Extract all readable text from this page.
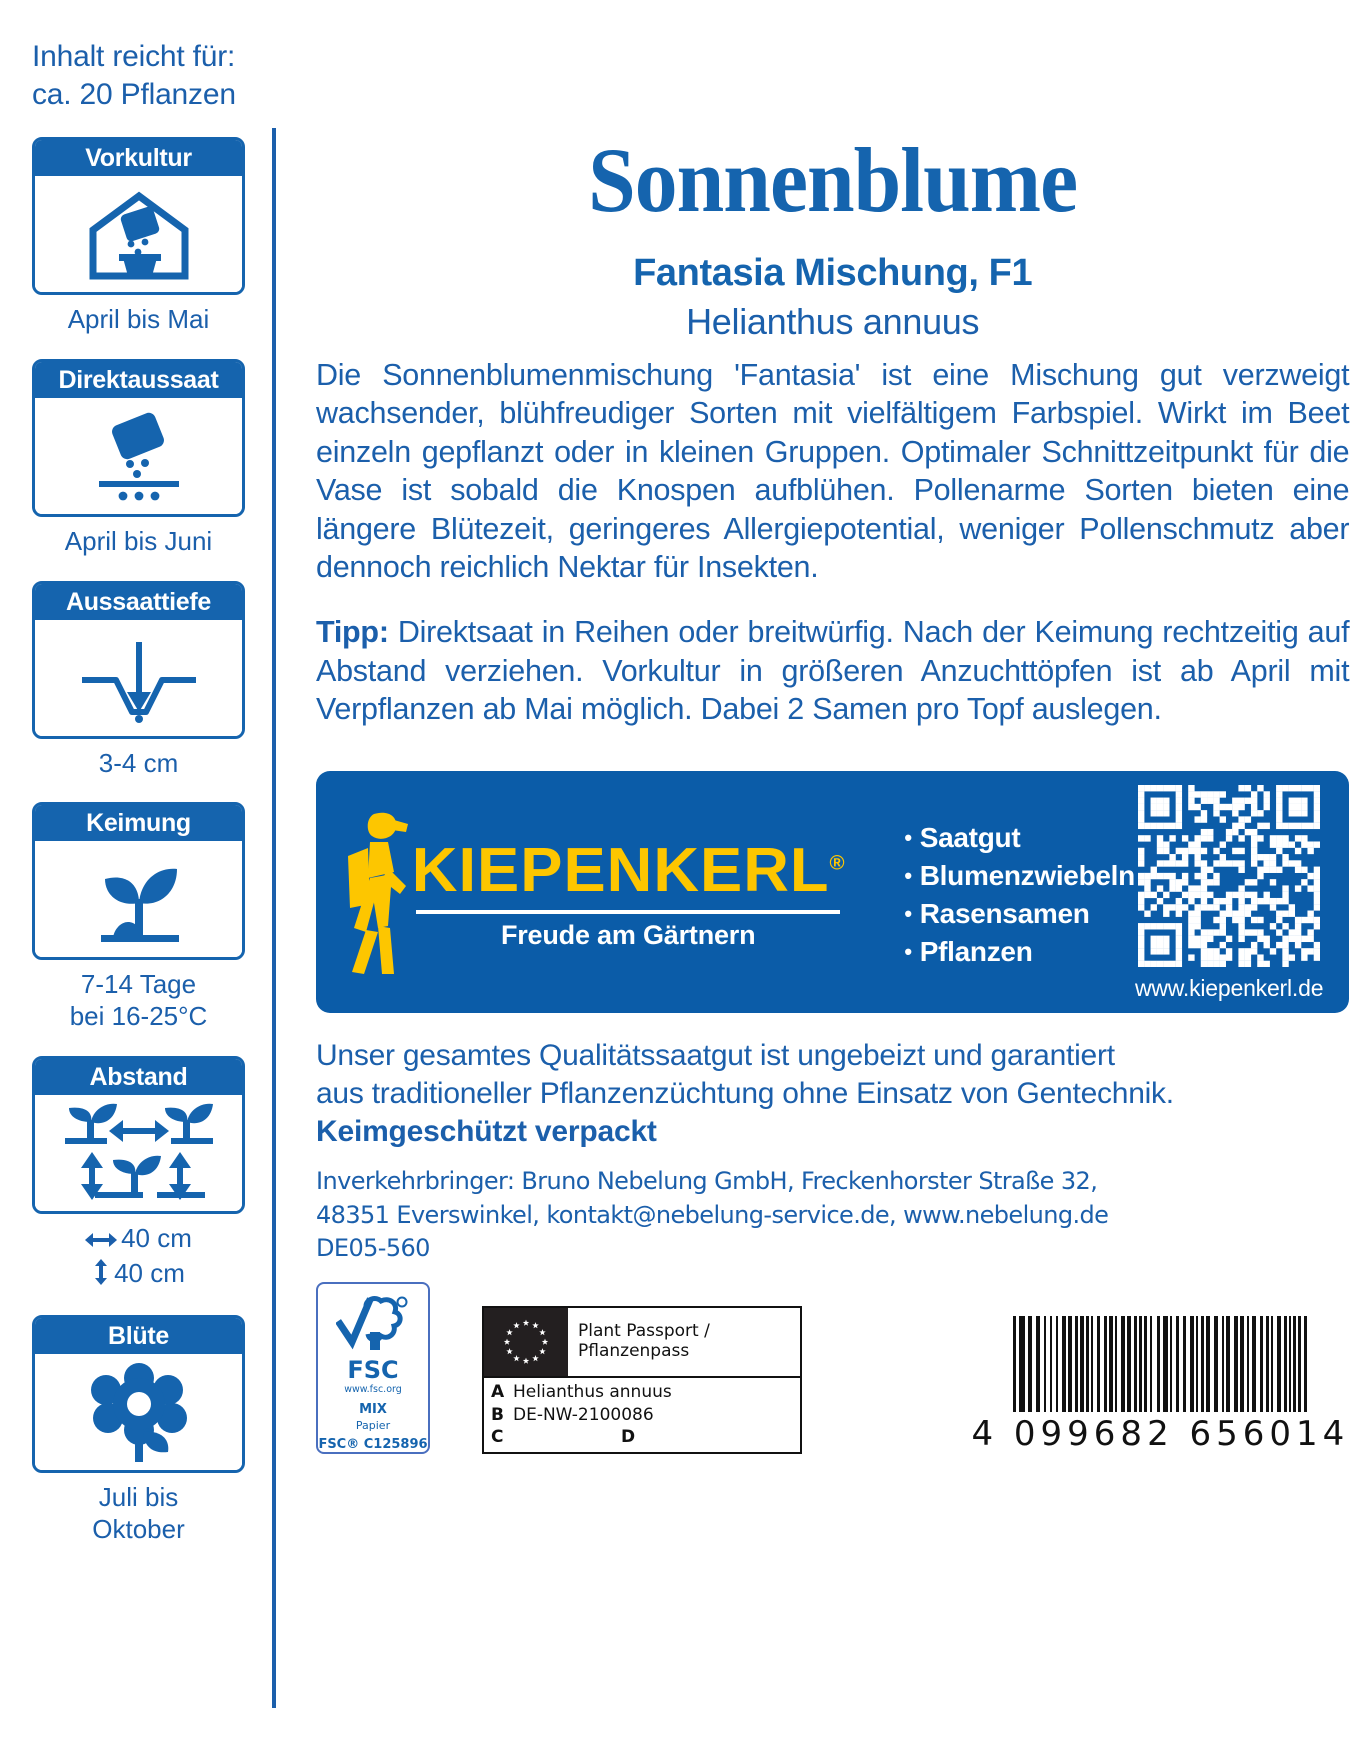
Inhalt reicht für:
ca. 20 Pflanzen
Vorkultur
April bis Mai
Direktaussaat
April bis Juni
Aussaattiefe
3-4 cm
Keimung
7-14 Tage
bei 16-25°C
Abstand
40 cm
40 cm
Blüte
Juli bis
Oktober
Sonnenblume
Fantasia Mischung, F1
Helianthus annuus

Die Sonnenblumenmischung 'Fantasia' ist eine Mischung gut verzweigt wachsender, blühfreudiger Sorten mit vielfältigem Farbspiel. Wirkt im Beet einzeln gepflanzt oder in kleinen Gruppen. Optimaler Schnittzeitpunkt für die Vase ist sobald die Knospen aufblühen. Pollenarme Sorten bieten eine längere Blütezeit, geringeres Allergiepotential, weniger Pollenschmutz aber dennoch reichlich Nektar für Insekten.

Tipp: Direktsaat in Reihen oder breitwürfig. Nach der Keimung rechtzeitig auf Abstand verziehen. Vorkultur in größeren Anzuchttöpfen ist ab April mit Verpflanzen ab Mai möglich. Dabei 2 Samen pro Topf auslegen.

KIEPENKERL®
Freude am Gärtnern
• Saatgut
• Blumenzwiebeln
• Rasensamen
• Pflanzen
www.kiepenkerl.de
Unser gesamtes Qualitätssaatgut ist ungebeizt und garantiert
aus traditioneller Pflanzenzüchtung ohne Einsatz von Gentechnik.
Keimgeschützt verpackt
Inverkehrbringer: Bruno Nebelung GmbH, Freckenhorster Straße 32,
48351 Everswinkel, kontakt@nebelung-service.de, www.nebelung.de
DE05-560
FSC
www.fsc.org
MIX
Papier
FSC® C125896
Plant Passport /
Pflanzenpass
A Helianthus annuus
B DE-NW-2100086
C	D	4 099682 656014
